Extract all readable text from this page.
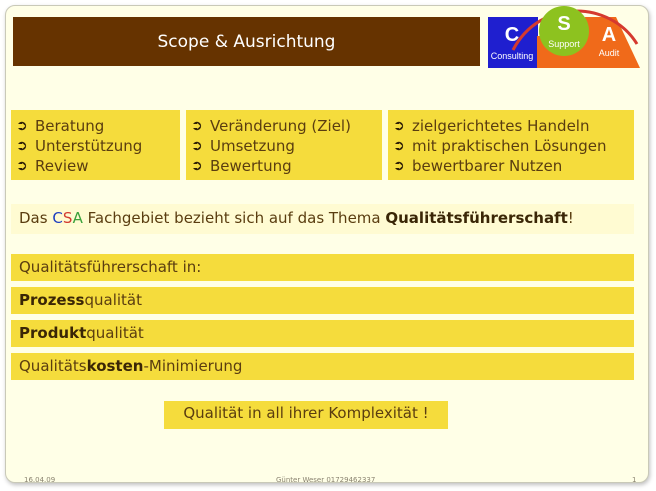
Scope & Ausrichtung	C
Consulting
S
Support A
Audit
➲ Beratung
➲ Unterstützung
➲ Review
➲ Veränderung (Ziel)
➲ Umsetzung
➲ Bewertung
➲ zielgerichtetes Handeln
➲ mit praktischen Lösungen
➲ bewertbarer Nutzen
Das CSA Fachgebiet bezieht sich auf das Thema Qualitätsführerschaft!
Qualitätsführerschaft in:
Prozessqualität
Produktqualität
Qualitätskosten-Minimierung
Qualität in all ihrer Komplexität !
16.04.09	Günter Weser 01729462337	1
